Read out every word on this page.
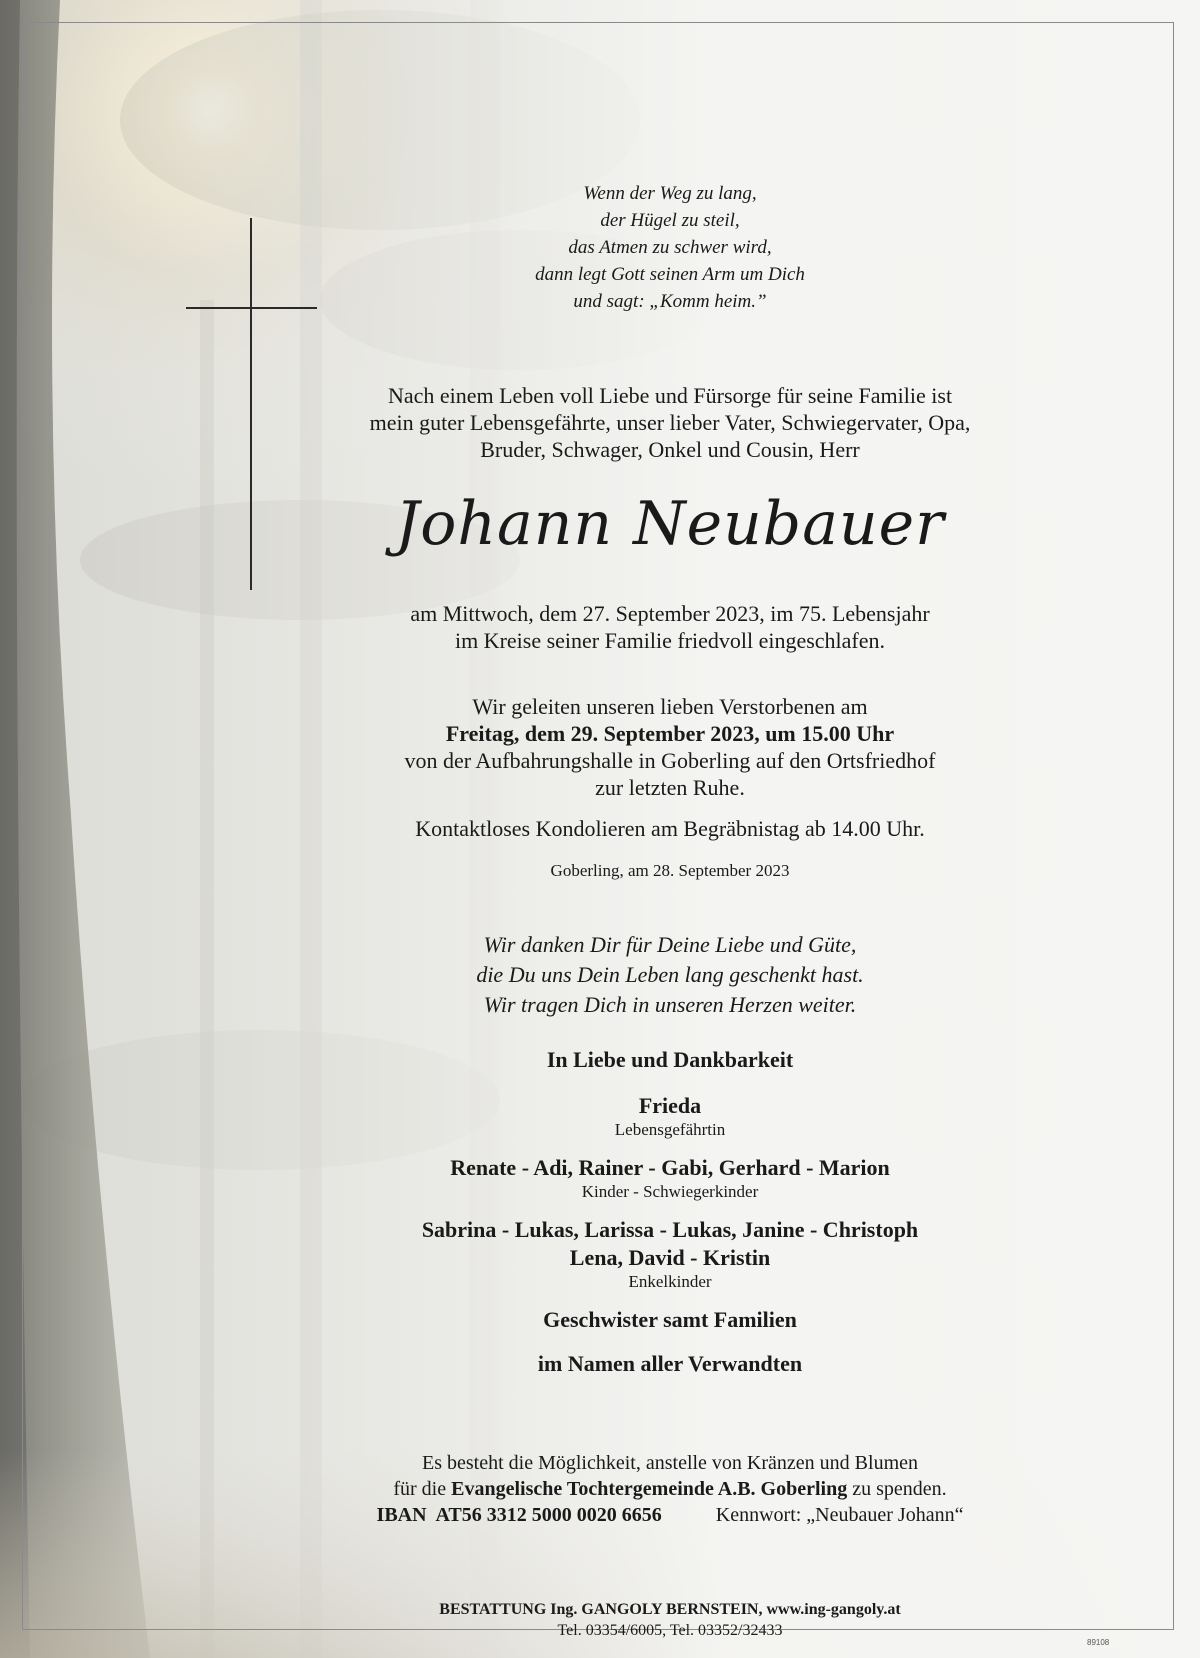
Wenn der Weg zu lang,
der Hügel zu steil,
das Atmen zu schwer wird,
dann legt Gott seinen Arm um Dich
und sagt: „Komm heim.”
Nach einem Leben voll Liebe und Fürsorge für seine Familie ist
mein guter Lebensgefährte, unser lieber Vater, Schwiegervater, Opa,
Bruder, Schwager, Onkel und Cousin, Herr
Johann Neubauer
am Mittwoch, dem 27. September 2023, im 75. Lebensjahr
im Kreise seiner Familie friedvoll eingeschlafen.
Wir geleiten unseren lieben Verstorbenen am
Freitag, dem 29. September 2023, um 15.00 Uhr
von der Aufbahrungshalle in Goberling auf den Ortsfriedhof
zur letzten Ruhe.
Kontaktloses Kondolieren am Begräbnistag ab 14.00 Uhr.
Goberling, am 28. September 2023
Wir danken Dir für Deine Liebe und Güte,
die Du uns Dein Leben lang geschenkt hast.
Wir tragen Dich in unseren Herzen weiter.
In Liebe und Dankbarkeit
Frieda
Lebensgefährtin
Renate - Adi, Rainer - Gabi, Gerhard - Marion
Kinder - Schwiegerkinder
Sabrina - Lukas, Larissa - Lukas, Janine - Christoph
Lena, David - Kristin
Enkelkinder
Geschwister samt Familien
im Namen aller Verwandten
Es besteht die Möglichkeit, anstelle von Kränzen und Blumen
für die Evangelische Tochtergemeinde A.B. Goberling zu spenden.
IBAN  AT56 3312 5000 0020 6656	Kennwort: „Neubauer Johann“
BESTATTUNG Ing. GANGOLY BERNSTEIN, www.ing-gangoly.at
Tel. 03354/6005, Tel. 03352/32433
89108
